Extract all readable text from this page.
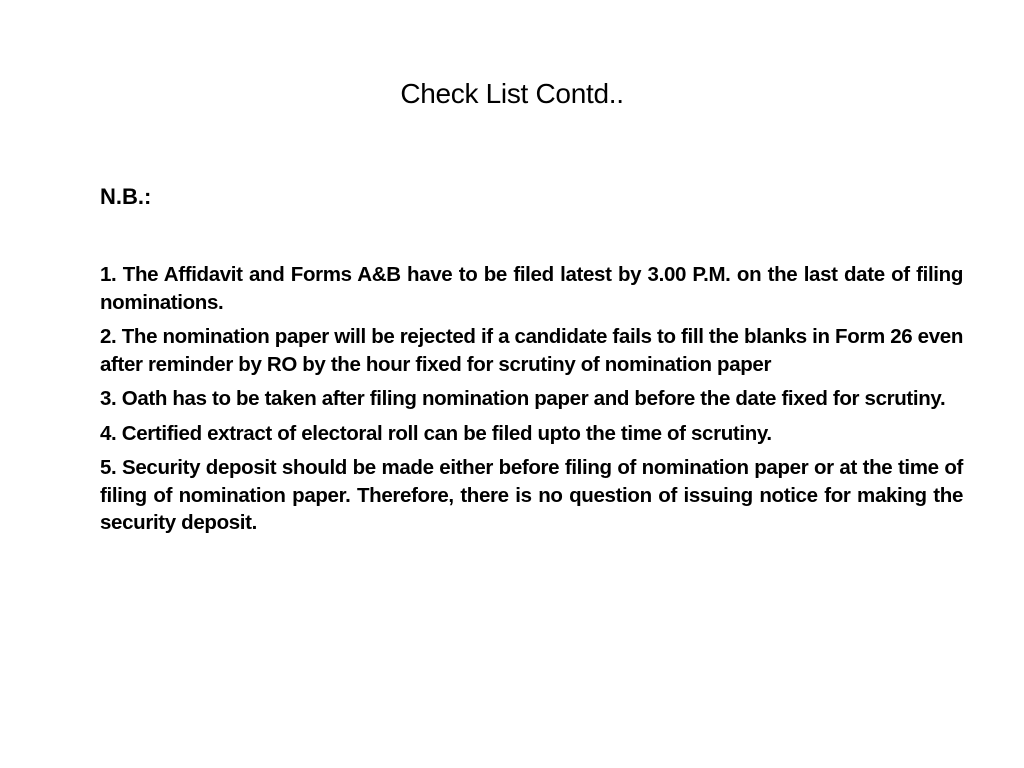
Check List Contd..
N.B.:
1. The Affidavit and Forms A&B have to be filed latest by 3.00 P.M. on the last date of filing nominations.
2. The nomination paper will be rejected if a candidate fails to fill the blanks in Form 26 even after reminder by RO by the hour fixed for scrutiny of nomination paper
3. Oath has to be taken after filing nomination paper and before the date fixed for scrutiny.
4. Certified extract of electoral roll can be filed upto the time of scrutiny.
5. Security deposit should be made either before filing of nomination paper or at the time of filing of nomination paper. Therefore, there is no question of issuing notice for making the security deposit.
